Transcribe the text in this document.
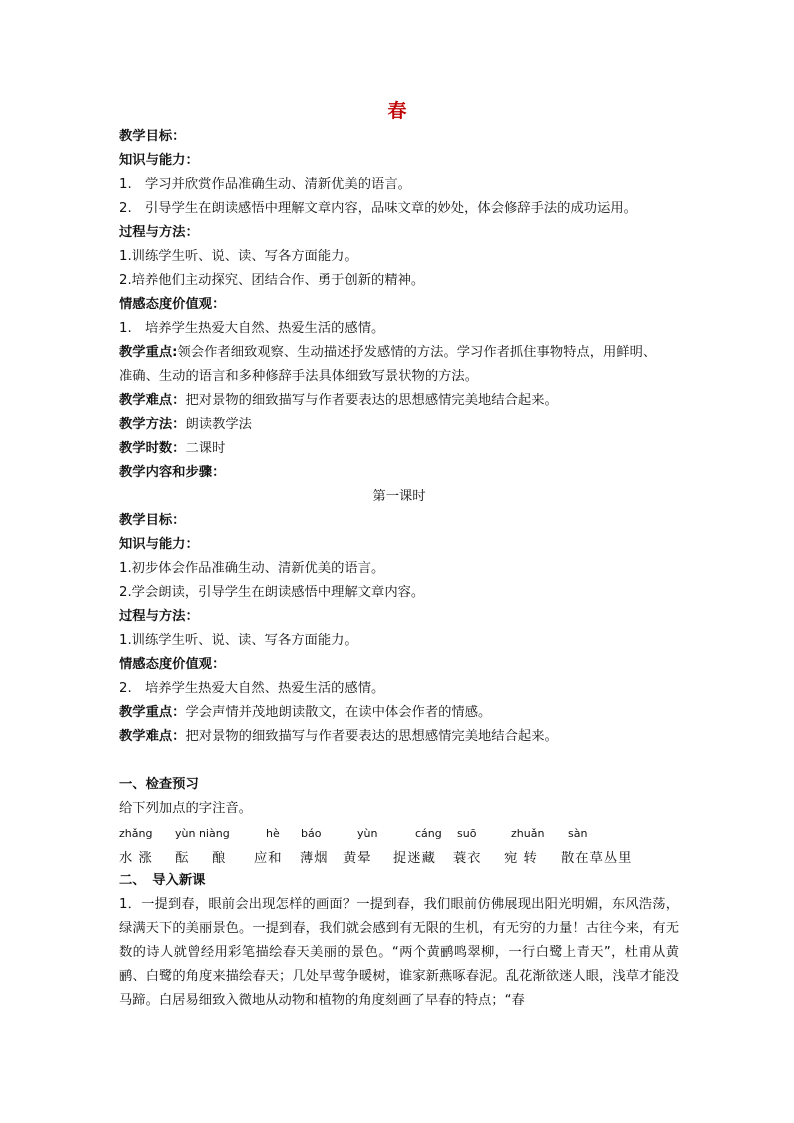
春
教学目标：
知识与能力：
1.　学习并欣赏作品准确生动、清新优美的语言。
2.　引导学生在朗读感悟中理解文章内容，品味文章的妙处，体会修辞手法的成功运用。
过程与方法：
1.训练学生听、说、读、写各方面能力。
2.培养他们主动探究、团结合作、勇于创新的精神。
情感态度价值观：
1.　培养学生热爱大自然、热爱生活的感情。
教学重点:领会作者细致观察、生动描述抒发感情的方法。学习作者抓住事物特点，用鲜明、
准确、生动的语言和多种修辞手法具体细致写景状物的方法。
教学难点：把对景物的细致描写与作者要表达的思想感情完美地结合起来。
教学方法：朗读教学法
教学时数：二课时
教学内容和步骤：
第一课时
教学目标：
知识与能力：
1.初步体会作品准确生动、清新优美的语言。
2.学会朗读，引导学生在朗读感悟中理解文章内容。
过程与方法：
1.训练学生听、说、读、写各方面能力。
情感态度价值观：
2.　培养学生热爱大自然、热爱生活的感情。
教学重点：学会声情并茂地朗读散文，在读中体会作者的情感。
教学难点：把对景物的细致描写与作者要表达的思想感情完美地结合起来。
一、检查预习
给下列加点的字注音。
zhǎng yùn niàng	hè báo	yùn	cáng suō	zhuǎn sàn
水 涨 酝 酿 应和 薄烟 黄晕 捉迷藏 蓑衣 宛 转 散在草丛里
二、　导入新课
1．一提到春，眼前会出现怎样的画面？一提到春，我们眼前仿佛展现出阳光明媚，东风浩荡，绿满天下的美丽景色。一提到春，我们就会感到有无限的生机，有无穷的力量！古往今来，有无数的诗人就曾经用彩笔描绘春天美丽的景色。“两个黄鹂鸣翠柳，一行白鹭上青天”，杜甫从黄鹂、白鹭的角度来描绘春天；几处早莺争暖树，谁家新燕啄春泥。乱花渐欲迷人眼，浅草才能没马蹄。白居易细致入微地从动物和植物的角度刻画了早春的特点；“春
